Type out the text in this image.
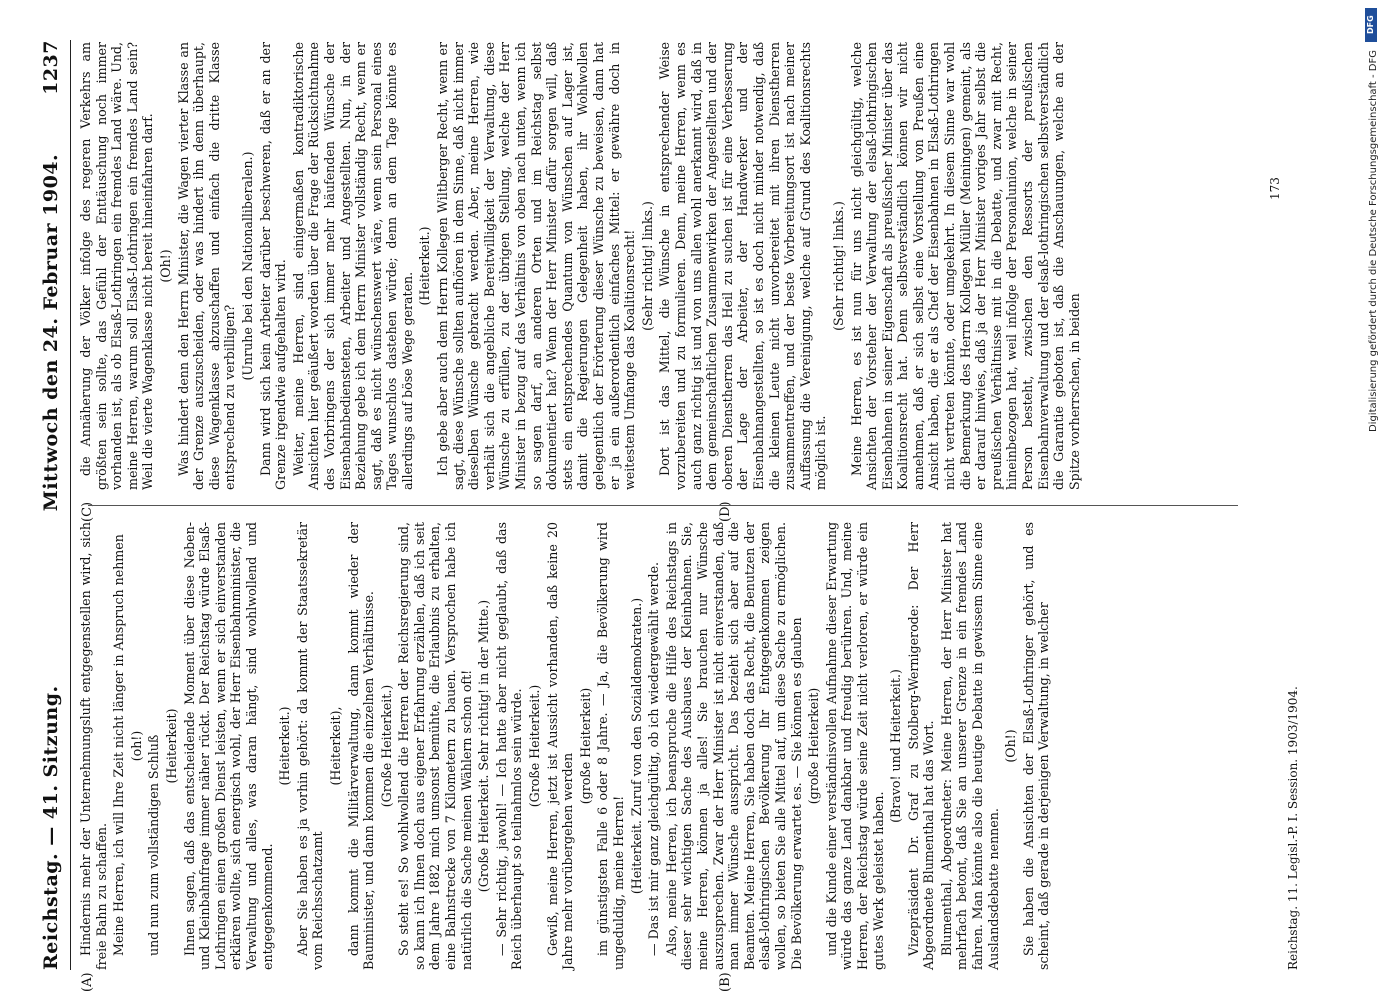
Reichstag. — 41. Sitzung.
Mittwoch den 24. Februar 1904.
1237
(A)	(B)
(C)	(D)

Hindernis mehr der Unternehmungsluft entgegenstellen wird, sich freie Bahn zu schaffen. Meine Herren, ich will Ihre Zeit nicht länger in Anspruch nehmen (oh!) und nun zum vollständigen Schluß (Heiterkeit) Ihnen sagen, daß das entscheidende Moment über diese Neben- und Kleinbahnfrage immer näher rückt. Der Reichstag würde Elsaß-Lothringen einen großen Dienst leisten, wenn er sich einverstanden erklären wollte, sich energisch wohl, der Herr Eisenbahnminister, die Verwaltung und alles, was daran hängt, sind wohlwollend und entgegenkommend.

(Heiterkeit.) Aber Sie haben es ja vorhin gehört: da kommt der Staatssekretär vom Reichsschatzamt

(Heiterkeit), dann kommt die Militärverwaltung, dann kommt wieder der Bauminister, und dann kommen die einzelnen Verhältnisse. (Große Heiterkeit.) So steht es! So wohlwollend die Herren der Reichsregierung sind, so kann ich Ihnen doch aus eigener Erfahrung erzählen, daß ich seit dem Jahre 1882 mich umsonst bemühte, die Erlaubnis zu erhalten, eine Bahnstrecke von 7 Kilometern zu bauen. Versprochen habe ich natürlich die Sache meinen Wählern schon oft! (Große Heiterkeit. Sehr richtig! in der Mitte.) — Sehr richtig, jawohl! — Ich hatte aber nicht geglaubt, daß das Reich überhaupt so teilnahmlos sein würde. (Große Heiterkeit.) Gewiß, meine Herren, jetzt ist Aussicht vorhanden, daß keine 20 Jahre mehr vorübergehen werden

(große Heiterkeit) im günstigsten Falle 6 oder 8 Jahre. — Ja, die Bevölkerung wird ungeduldig, meine Herren! (Heiterkeit. Zuruf von den Sozialdemokraten.) — Das ist mir ganz gleichgültig, ob ich wiedergewählt werde. Also, meine Herren, ich beanspruche die Hilfe des Reichstags in dieser sehr wichtigen Sache des Ausbaues der Kleinbahnen. Sie, meine Herren, können ja alles! Sie brauchen nur Wünsche auszusprechen. Zwar der Herr Minister ist nicht einverstanden, daß man immer Wünsche ausspricht. Das bezieht sich aber auf die Beamten. Meine Herren, Sie haben doch das Recht, die Benutzen der elsaß-lothringischen Bevölkerung Ihr Entgegenkommen zeigen wollen, so bieten Sie alle Mittel auf, um diese Sache zu ermöglichen. Die Bevölkerung erwartet es. — Sie können es glauben (große Heiterkeit) und die Kunde einer verständnisvollen Aufnahme dieser Erwartung würde das ganze Land dankbar und freudig berühren. Und, meine Herren, der Reichstag würde seine Zeit nicht verloren, er würde ein gutes Werk geleistet haben.

(Bravo! und Heiterkeit.) Vizepräsident Dr. Graf zu Stolberg-Wernigerode: Der Herr Abgeordnete Blumenthal hat das Wort. Blumenthal, Abgeordneter: Meine Herren, der Herr Minister hat mehrfach betont, daß Sie an unserer Grenze in ein fremdes Land fahren. Man könnte also die heutige Debatte in gewissem Sinne eine Auslandsdebatte nennen.

(Oh!) Sie haben die Ansichten der Elsaß-Lothringer gehört, und es scheint, daß gerade in derjenigen Verwaltung, in welcher

die Annäherung der Völker infolge des regeren Verkehrs am größten sein sollte, das Gefühl der Enttäuschung noch immer vorhanden ist, als ob Elsaß-Lothringen ein fremdes Land wäre. Und, meine Herren, warum soll Elsaß-Lothringen ein fremdes Land sein? Weil die vierte Wagenklasse nicht bereit hineinfahren darf. (Oh!) Was hindert denn den Herrn Minister, die Wagen vierter Klasse an der Grenze auszuscheiden, oder was hindert ihn denn überhaupt, diese Wagenklasse abzuschaffen und einfach die dritte Klasse entsprechend zu verbilligen?

(Unruhe bei den Nationalliberalen.) Dann wird sich kein Arbeiter darüber beschweren, daß er an der Grenze irgendwie aufgehalten wird. Weiter, meine Herren, sind einigermaßen kontradiktorische Ansichten hier geäußert worden über die Frage der Rücksichtnahme des Vorbringens der sich immer mehr häufenden Wünsche der Eisenbahnbediensteten, Arbeiter und Angestellten. Nun, in der Beziehung gebe ich dem Herrn Minister vollständig Recht, wenn er sagt, daß es nicht wünschenswert wäre, wenn sein Personal eines Tages wunschlos dastehen würde; denn an dem Tage könnte es allerdings auf böse Wege geraten.

(Heiterkeit.) Ich gebe aber auch dem Herrn Kollegen Wiltberger Recht, wenn er sagt, diese Wünsche sollten aufhören in dem Sinne, daß nicht immer dieselben Wünsche gebracht werden. Aber, meine Herren, wie verhält sich die angebliche Bereitwilligkeit der Verwaltung, diese Wünsche zu erfüllen, zu der übrigen Stellung, welche der Herr Minister in bezug auf das Verhältnis von oben nach unten, wenn ich so sagen darf, an anderen Orten und im Reichstag selbst dokumentiert hat? Wenn der Herr Minister dafür sorgen will, daß stets ein entsprechendes Quantum von Wünschen auf Lager ist, damit die Regierungen Gelegenheit haben, ihr Wohlwollen gelegentlich der Erörterung dieser Wünsche zu beweisen, dann hat er ja ein außerordentlich einfaches Mittel: er gewähre doch in weitestem Umfange das Koalitionsrecht! (Sehr richtig! links.) Dort ist das Mittel, die Wünsche in entsprechender Weise vorzubereiten und zu formulieren. Denn, meine Herren, wenn es auch ganz richtig ist und von uns allen wohl anerkannt wird, daß in dem gemeinschaftlichen Zusammenwirken der Angestellten und der oberen Dienstherren das Heil zu suchen ist für eine Verbesserung der Lage der Arbeiter, der Handwerker und der Eisenbahnangestellten, so ist es doch nicht minder notwendig, daß die kleinen Leute nicht unvorbereitet mit ihren Dienstherren zusammentreffen, und der beste Vorbereitungsort ist nach meiner Auffassung die Vereinigung, welche auf Grund des Koalitionsrechts möglich ist.

(Sehr richtig! links.) Meine Herren, es ist nun für uns nicht gleichgültig, welche Ansichten der Vorsteher der Verwaltung der elsaß-lothringischen Eisenbahnen in seiner Eigenschaft als preußischer Minister über das Koalitionsrecht hat. Denn selbstverständlich können wir nicht annehmen, daß er sich selbst eine Vorstellung von Preußen eine Ansicht haben, die er als Chef der Eisenbahnen in Elsaß-Lothringen nicht vertreten könnte, oder umgekehrt. In diesem Sinne war wohl die Bemerkung des Herrn Kollegen Müller (Meiningen) gemeint, als er darauf hinwies, daß ja der Herr Minister voriges Jahr selbst die preußischen Verhältnisse mit in die Debatte, und zwar mit Recht, hineinbezogen hat, weil infolge der Personalunion, welche in seiner Person besteht, zwischen den Ressorts der preußischen Eisenbahnverwaltung und der elsaß-lothringischen selbstverständlich die Garantie geboten ist, daß die Anschauungen, welche an der Spitze vorherrschen, in beiden

Reichstag. 11. Legisl.-P. I. Session. 1903/1904.
173
DFG
Digitalisierung gefördert durch die Deutsche Forschungsgemeinschaft - DFG
